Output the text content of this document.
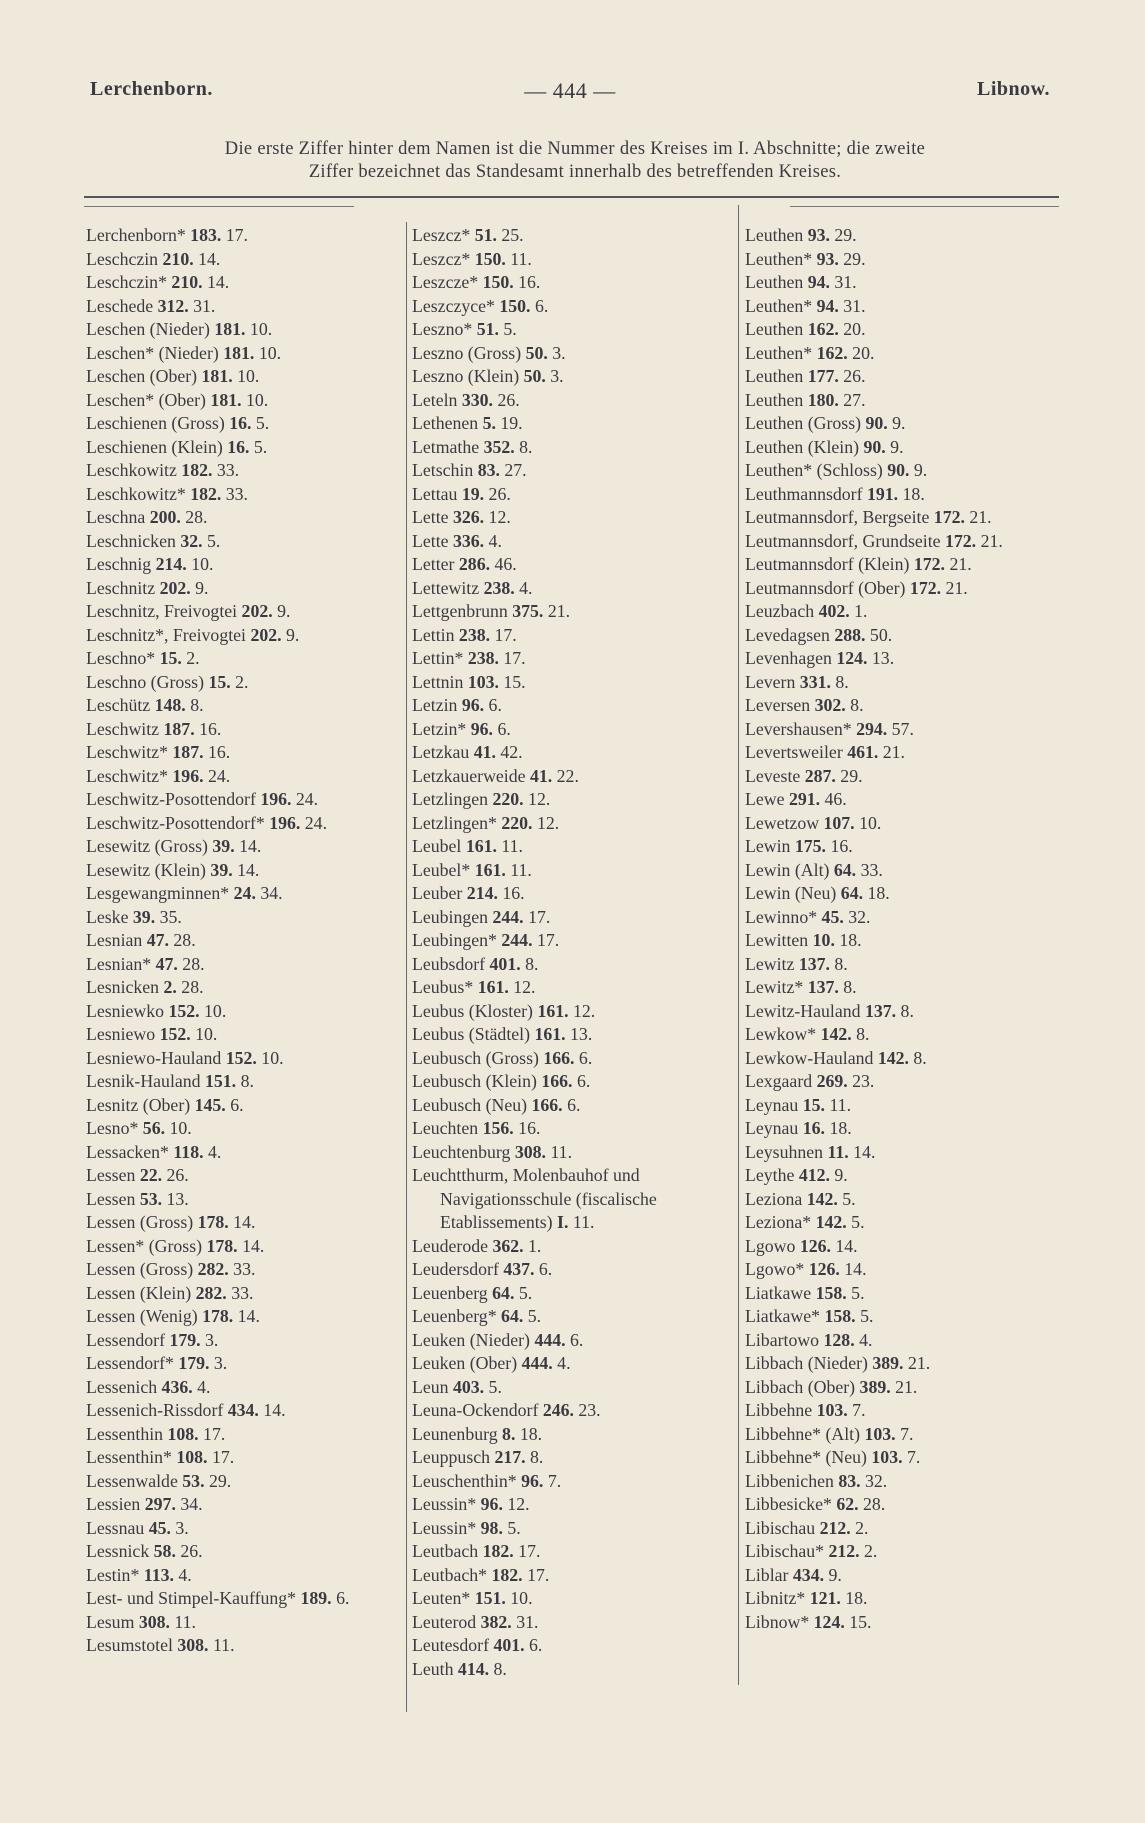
Lerchenborn.	— 444 —	Libnow.
Die erste Ziffer hinter dem Namen ist die Nummer des Kreises im I. Abschnitte; die zweite
Ziffer bezeichnet das Standesamt innerhalb des betreffenden Kreises.
Lerchenborn* 183. 17.
Leschczin 210. 14.
Leschczin* 210. 14.
Leschede 312. 31.
Leschen (Nieder) 181. 10.
Leschen* (Nieder) 181. 10.
Leschen (Ober) 181. 10.
Leschen* (Ober) 181. 10.
Leschienen (Gross) 16. 5.
Leschienen (Klein) 16. 5.
Leschkowitz 182. 33.
Leschkowitz* 182. 33.
Leschna 200. 28.
Leschnicken 32. 5.
Leschnig 214. 10.
Leschnitz 202. 9.
Leschnitz, Freivogtei 202. 9.
Leschnitz*, Freivogtei 202. 9.
Leschno* 15. 2.
Leschno (Gross) 15. 2.
Leschütz 148. 8.
Leschwitz 187. 16.
Leschwitz* 187. 16.
Leschwitz* 196. 24.
Leschwitz-Posottendorf 196. 24.
Leschwitz-Posottendorf* 196. 24.
Lesewitz (Gross) 39. 14.
Lesewitz (Klein) 39. 14.
Lesgewangminnen* 24. 34.
Leske 39. 35.
Lesnian 47. 28.
Lesnian* 47. 28.
Lesnicken 2. 28.
Lesniewko 152. 10.
Lesniewo 152. 10.
Lesniewo-Hauland 152. 10.
Lesnik-Hauland 151. 8.
Lesnitz (Ober) 145. 6.
Lesno* 56. 10.
Lessacken* 118. 4.
Lessen 22. 26.
Lessen 53. 13.
Lessen (Gross) 178. 14.
Lessen* (Gross) 178. 14.
Lessen (Gross) 282. 33.
Lessen (Klein) 282. 33.
Lessen (Wenig) 178. 14.
Lessendorf 179. 3.
Lessendorf* 179. 3.
Lessenich 436. 4.
Lessenich-Rissdorf 434. 14.
Lessenthin 108. 17.
Lessenthin* 108. 17.
Lessenwalde 53. 29.
Lessien 297. 34.
Lessnau 45. 3.
Lessnick 58. 26.
Lestin* 113. 4.
Lest- und Stimpel-Kauffung* 189. 6.
Lesum 308. 11.
Lesumstotel 308. 11.
Leszcz* 51. 25.
Leszcz* 150. 11.
Leszcze* 150. 16.
Leszczyce* 150. 6.
Leszno* 51. 5.
Leszno (Gross) 50. 3.
Leszno (Klein) 50. 3.
Leteln 330. 26.
Lethenen 5. 19.
Letmathe 352. 8.
Letschin 83. 27.
Lettau 19. 26.
Lette 326. 12.
Lette 336. 4.
Letter 286. 46.
Lettewitz 238. 4.
Lettgenbrunn 375. 21.
Lettin 238. 17.
Lettin* 238. 17.
Lettnin 103. 15.
Letzin 96. 6.
Letzin* 96. 6.
Letzkau 41. 42.
Letzkauerweide 41. 22.
Letzlingen 220. 12.
Letzlingen* 220. 12.
Leubel 161. 11.
Leubel* 161. 11.
Leuber 214. 16.
Leubingen 244. 17.
Leubingen* 244. 17.
Leubsdorf 401. 8.
Leubus* 161. 12.
Leubus (Kloster) 161. 12.
Leubus (Städtel) 161. 13.
Leubusch (Gross) 166. 6.
Leubusch (Klein) 166. 6.
Leubusch (Neu) 166. 6.
Leuchten 156. 16.
Leuchtenburg 308. 11.
Leuchtthurm, Molenbauhof und Navigationsschule (fiscalische Etablissements) I. 11.
Leuderode 362. 1.
Leudersdorf 437. 6.
Leuenberg 64. 5.
Leuenberg* 64. 5.
Leuken (Nieder) 444. 6.
Leuken (Ober) 444. 4.
Leun 403. 5.
Leuna-Ockendorf 246. 23.
Leunenburg 8. 18.
Leuppusch 217. 8.
Leuschenthin* 96. 7.
Leussin* 96. 12.
Leussin* 98. 5.
Leutbach 182. 17.
Leutbach* 182. 17.
Leuten* 151. 10.
Leuterod 382. 31.
Leutesdorf 401. 6.
Leuth 414. 8.
Leuthen 93. 29.
Leuthen* 93. 29.
Leuthen 94. 31.
Leuthen* 94. 31.
Leuthen 162. 20.
Leuthen* 162. 20.
Leuthen 177. 26.
Leuthen 180. 27.
Leuthen (Gross) 90. 9.
Leuthen (Klein) 90. 9.
Leuthen* (Schloss) 90. 9.
Leuthmannsdorf 191. 18.
Leutmannsdorf, Bergseite 172. 21.
Leutmannsdorf, Grundseite 172. 21.
Leutmannsdorf (Klein) 172. 21.
Leutmannsdorf (Ober) 172. 21.
Leuzbach 402. 1.
Levedagsen 288. 50.
Levenhagen 124. 13.
Levern 331. 8.
Leversen 302. 8.
Levershausen* 294. 57.
Levertsweiler 461. 21.
Leveste 287. 29.
Lewe 291. 46.
Lewetzow 107. 10.
Lewin 175. 16.
Lewin (Alt) 64. 33.
Lewin (Neu) 64. 18.
Lewinno* 45. 32.
Lewitten 10. 18.
Lewitz 137. 8.
Lewitz* 137. 8.
Lewitz-Hauland 137. 8.
Lewkow* 142. 8.
Lewkow-Hauland 142. 8.
Lexgaard 269. 23.
Leynau 15. 11.
Leynau 16. 18.
Leysuhnen 11. 14.
Leythe 412. 9.
Leziona 142. 5.
Leziona* 142. 5.
Lgowo 126. 14.
Lgowo* 126. 14.
Liatkawe 158. 5.
Liatkawe* 158. 5.
Libartowo 128. 4.
Libbach (Nieder) 389. 21.
Libbach (Ober) 389. 21.
Libbehne 103. 7.
Libbehne* (Alt) 103. 7.
Libbehne* (Neu) 103. 7.
Libbenichen 83. 32.
Libbesicke* 62. 28.
Libischau 212. 2.
Libischau* 212. 2.
Liblar 434. 9.
Libnitz* 121. 18.
Libnow* 124. 15.
